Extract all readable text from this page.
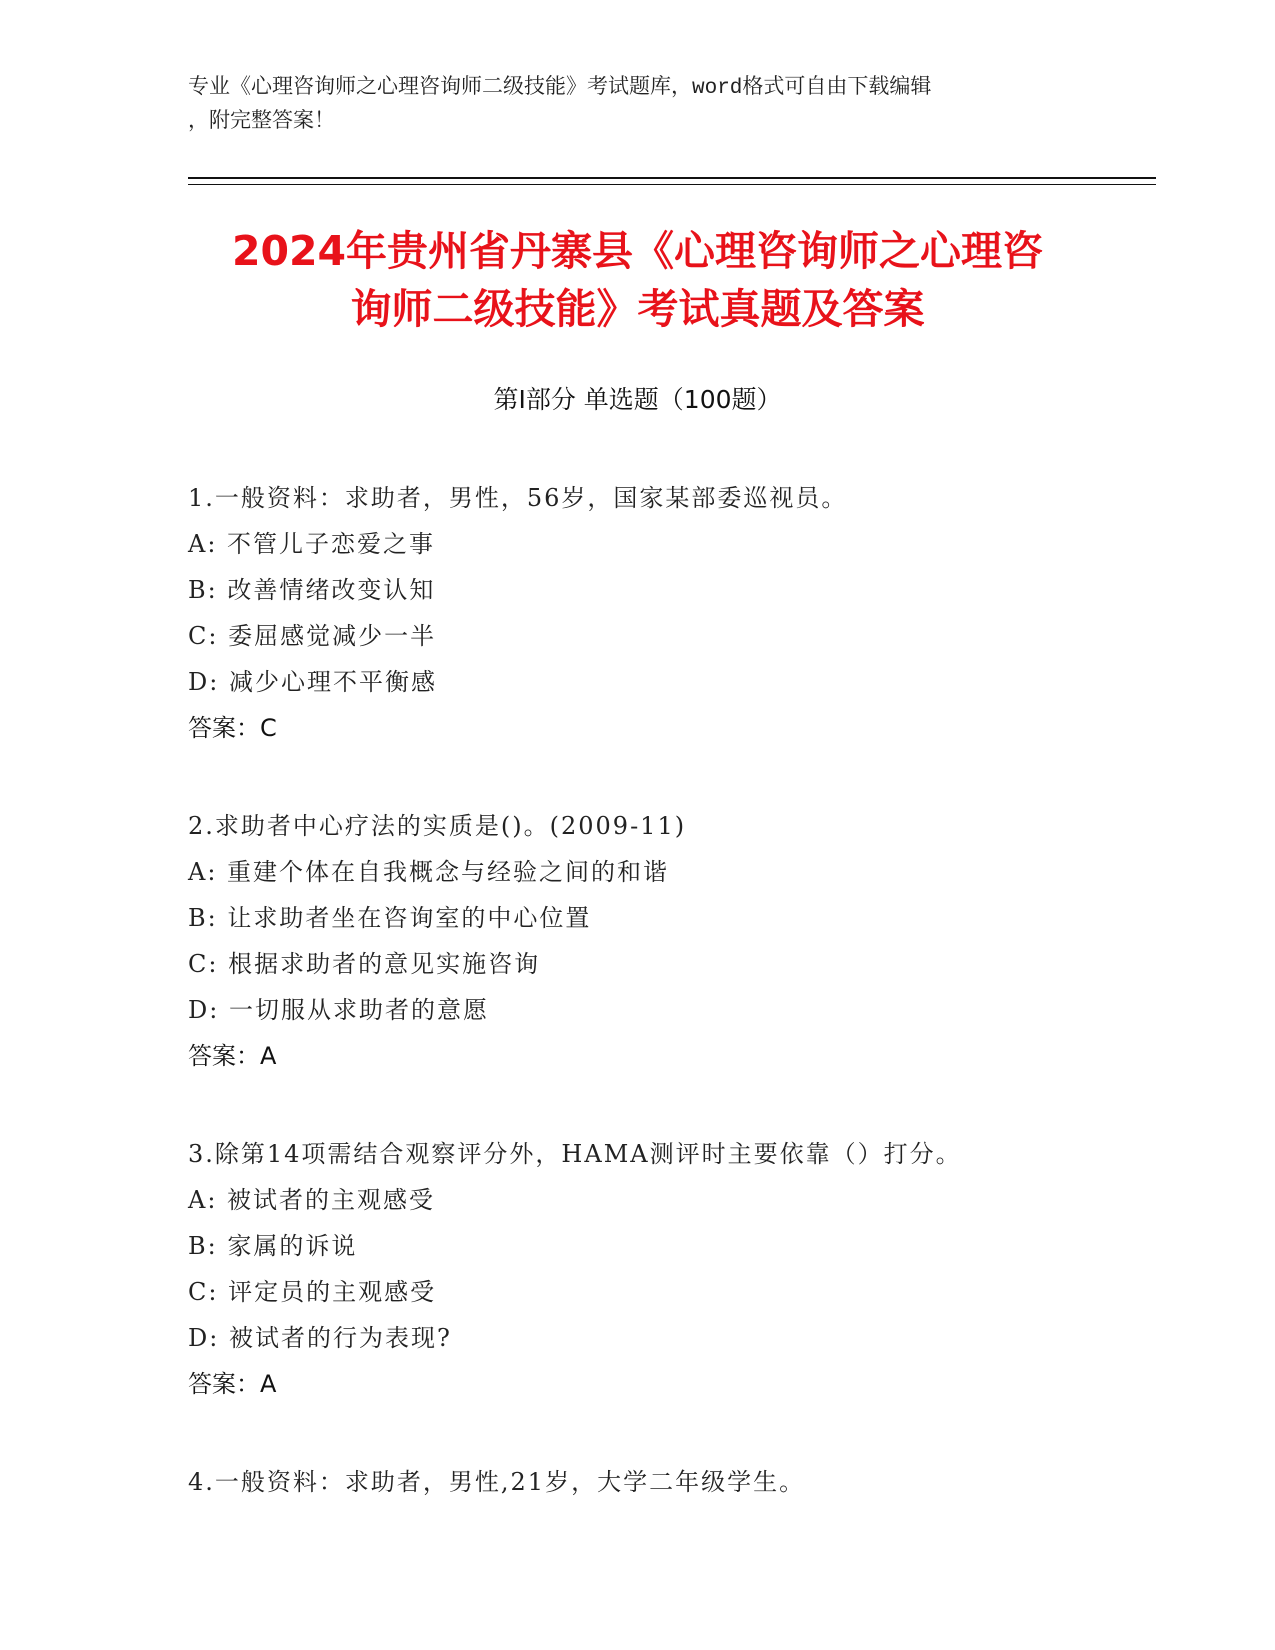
专业《心理咨询师之心理咨询师二级技能》考试题库，word格式可自由下载编辑
，附完整答案！
2024年贵州省丹寨县《心理咨询师之心理咨
询师二级技能》考试真题及答案
第Ⅰ部分 单选题（100题）
1.一般资料：求助者，男性，56岁，国家某部委巡视员。
A: 不管儿子恋爱之事
B: 改善情绪改变认知
C: 委屈感觉减少一半
D: 减少心理不平衡感
答案：C
2.求助者中心疗法的实质是()。(2009-11)
A: 重建个体在自我概念与经验之间的和谐
B: 让求助者坐在咨询室的中心位置
C: 根据求助者的意见实施咨询
D: 一切服从求助者的意愿
答案：A
3.除第14项需结合观察评分外，HAMA测评时主要依靠（）打分。
A: 被试者的主观感受
B: 家属的诉说
C: 评定员的主观感受
D: 被试者的行为表现?
答案：A
4.一般资料：求助者，男性,21岁，大学二年级学生。
